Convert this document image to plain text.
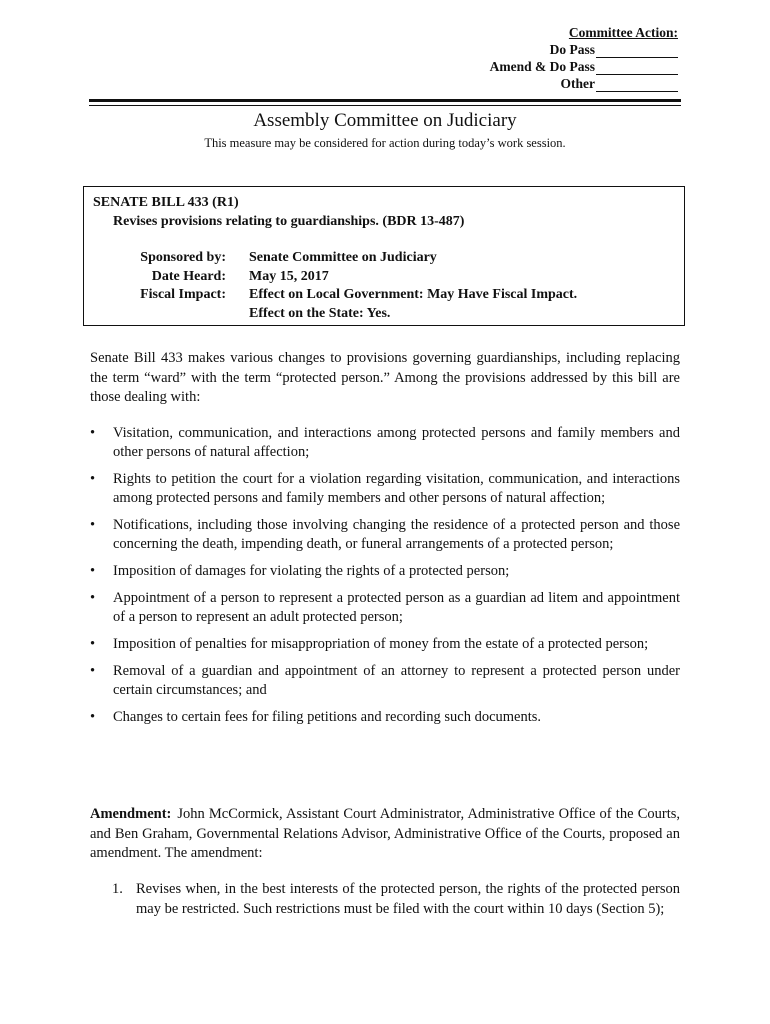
Committee Action:
Do Pass
Amend & Do Pass
Other
Assembly Committee on Judiciary
This measure may be considered for action during today’s work session.
SENATE BILL 433 (R1)
Revises provisions relating to guardianships. (BDR 13-487)
Sponsored by: Senate Committee on Judiciary
Date Heard: May 15, 2017
Fiscal Impact: Effect on Local Government: May Have Fiscal Impact.
Effect on the State: Yes.

Senate Bill 433 makes various changes to provisions governing guardianships, including replacing the term “ward” with the term “protected person.” Among the provisions addressed by this bill are those dealing with:

• Visitation, communication, and interactions among protected persons and family members and other persons of natural affection;
• Rights to petition the court for a violation regarding visitation, communication, and interactions among protected persons and family members and other persons of natural affection;
• Notifications, including those involving changing the residence of a protected person and those concerning the death, impending death, or funeral arrangements of a protected person;
• Imposition of damages for violating the rights of a protected person;
• Appointment of a person to represent a protected person as a guardian ad litem and appointment of a person to represent an adult protected person;
• Imposition of penalties for misappropriation of money from the estate of a protected person;
• Removal of a guardian and appointment of an attorney to represent a protected person under certain circumstances; and
• Changes to certain fees for filing petitions and recording such documents.
Amendment: John McCormick, Assistant Court Administrator, Administrative Office of the Courts, and Ben Graham, Governmental Relations Advisor, Administrative Office of the Courts, proposed an amendment. The amendment:
1. Revises when, in the best interests of the protected person, the rights of the protected person may be restricted. Such restrictions must be filed with the court within 10 days (Section 5);
